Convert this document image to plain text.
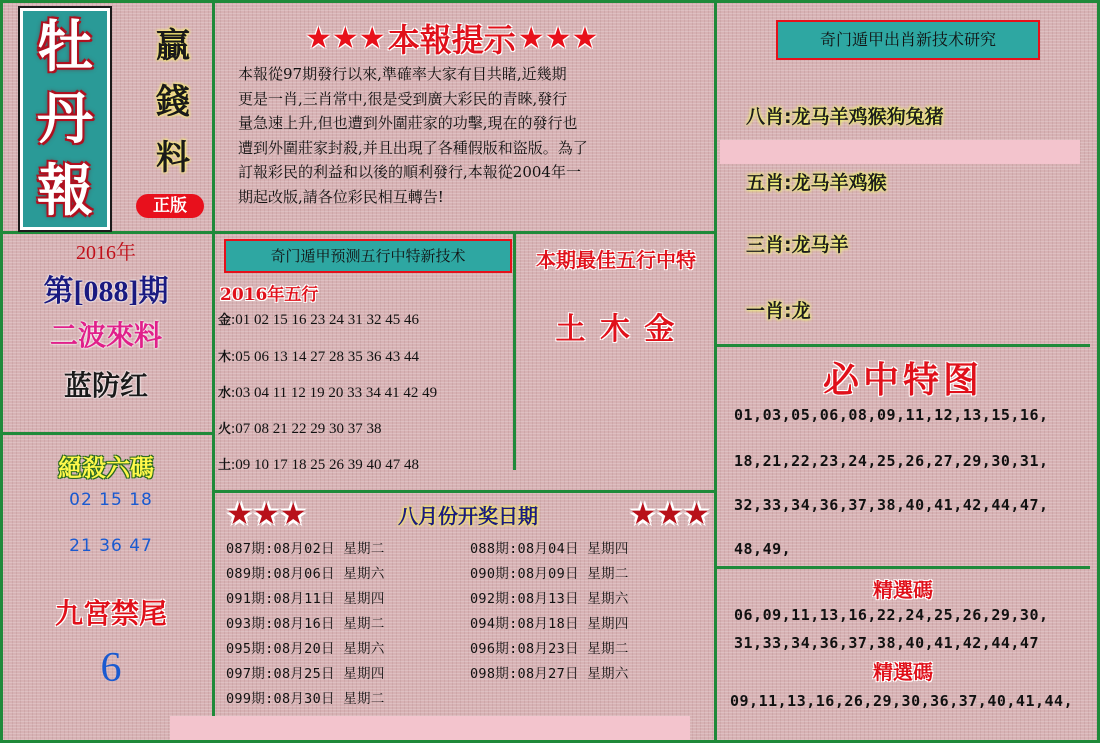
牡
丹
報
贏
錢
料
正版
2016年
第[088]期
二波來料
蓝防红
絕殺六碼
02 15 18
21 36 47
九宮禁尾
6
★★★ 本報提示 ★★★
本報從97期發行以來,準確率大家有目共睹,近幾期
更是一肖,三肖常中,很是受到廣大彩民的青睞,發行
量急速上升,但也遭到外圍莊家的功擊,現在的發行也
遭到外圍莊家封殺,并且出現了各種假版和盜版。為了
訂報彩民的利益和以後的順利發行,本報從2004年一
期起改版,請各位彩民相互轉告!
奇门遁甲预测五行中特新技术
2016年五行
金:01 02 15 16 23 24 31 32 45 46
木:05 06 13 14 27 28 35 36 43 44
水:03 04 11 12 19 20 33 34 41 42 49
火:07 08 21 22 29 30 37 38
土:09 10 17 18 25 26 39 40 47 48
本期最佳五行中特
土 木 金
奇门遁甲出肖新技术研究
八肖:龙马羊鸡猴狗兔猪
五肖:龙马羊鸡猴
三肖:龙马羊
一肖:龙
必中特图
01,03,05,06,08,09,11,12,13,15,16,
18,21,22,23,24,25,26,27,29,30,31,
32,33,34,36,37,38,40,41,42,44,47,
48,49,
精選碼
06,09,11,13,16,22,24,25,26,29,30,
31,33,34,36,37,38,40,41,42,44,47
精選碼
09,11,13,16,26,29,30,36,37,40,41,44,
★★★	八月份开奖日期	★★★
087期:08月02日 星期二	088期:08月04日 星期四
089期:08月06日 星期六	090期:08月09日 星期二
091期:08月11日 星期四	092期:08月13日 星期六
093期:08月16日 星期二	094期:08月18日 星期四
095期:08月20日 星期六	096期:08月23日 星期二
097期:08月25日 星期四	098期:08月27日 星期六
099期:08月30日 星期二
